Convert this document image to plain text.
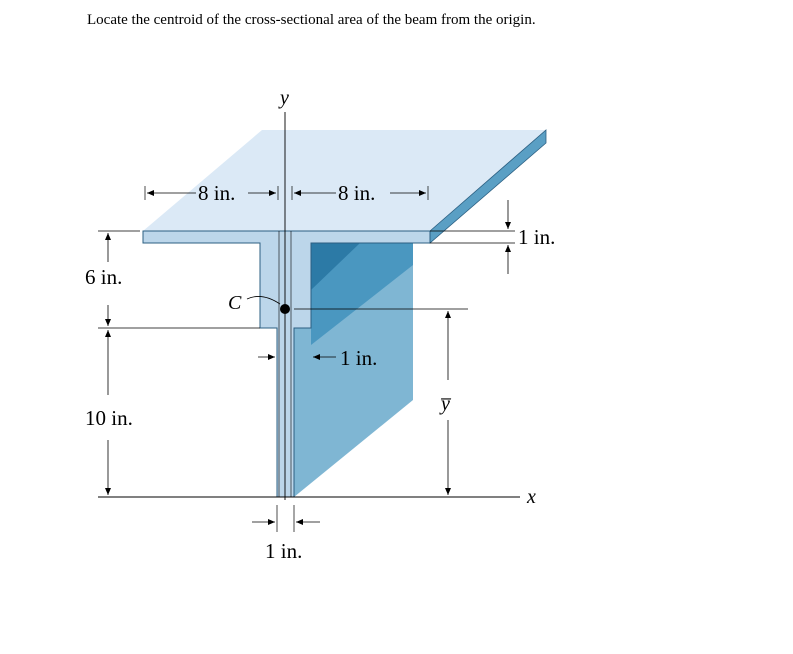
Locate the centroid of the cross-sectional area of the beam from the origin.
y
x
C
y̅
8 in.	8 in.
1 in.
6 in.
10 in.
1 in.
1 in.
